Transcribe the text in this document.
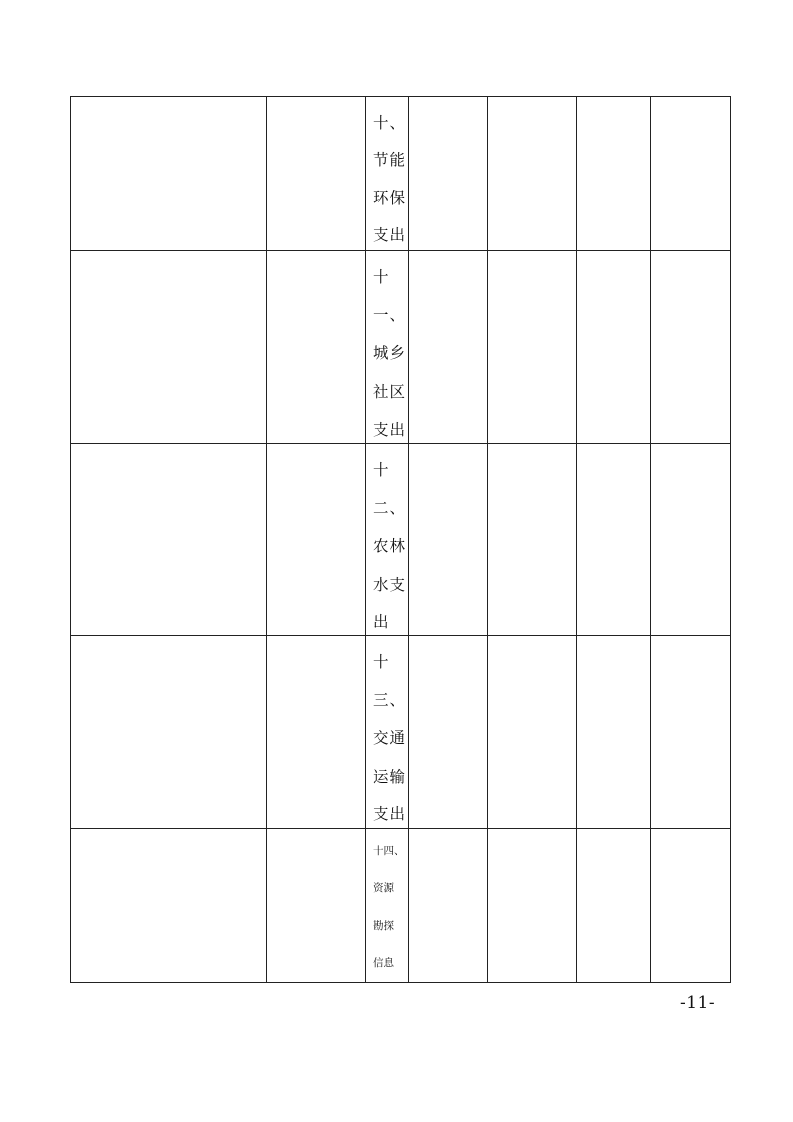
		十、
节能
环保
支出				

		十
一、
城乡
社区
支出				

		十
二、
农林
水支
出				

		十
三、
交通
运输
支出				

		十四、
资源
勘探
信息				

-11-
